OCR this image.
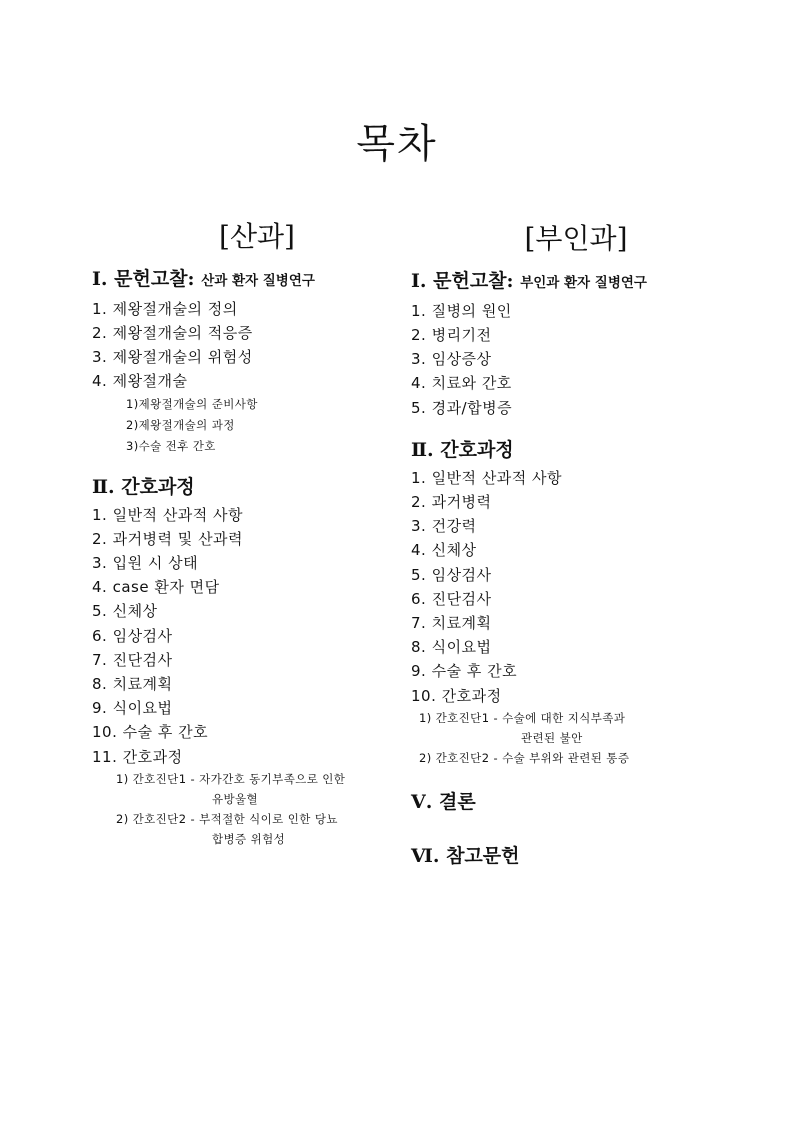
목차
[산과]
Ⅰ. 문헌고찰: 산과 환자 질병연구
1. 제왕절개술의 정의
2. 제왕절개술의 적응증
3. 제왕절개술의 위험성
4. 제왕절개술
1)제왕절개술의 준비사항
2)제왕절개술의 과정
3)수술 전후 간호
Ⅱ. 간호과정
1. 일반적 산과적 사항
2. 과거병력 및 산과력
3. 입원 시 상태
4. case 환자 면담
5. 신체상
6. 임상검사
7. 진단검사
8. 치료계획
9. 식이요법
10. 수술 후 간호
11. 간호과정
1) 간호진단1 - 자가간호 동기부족으로 인한
유방울혈
2) 간호진단2 - 부적절한 식이로 인한 당뇨
합병증 위험성
[부인과]
Ⅰ. 문헌고찰: 부인과 환자 질병연구
1. 질병의 원인
2. 병리기전
3. 임상증상
4. 치료와 간호
5. 경과/합병증
Ⅱ. 간호과정
1. 일반적 산과적 사항
2. 과거병력
3. 건강력
4. 신체상
5. 임상검사
6. 진단검사
7. 치료계획
8. 식이요법
9. 수술 후 간호
10. 간호과정
1) 간호진단1 - 수술에 대한 지식부족과
관련된 불안
2) 간호진단2 - 수술 부위와 관련된 통증
Ⅴ. 결론
Ⅵ. 참고문헌
